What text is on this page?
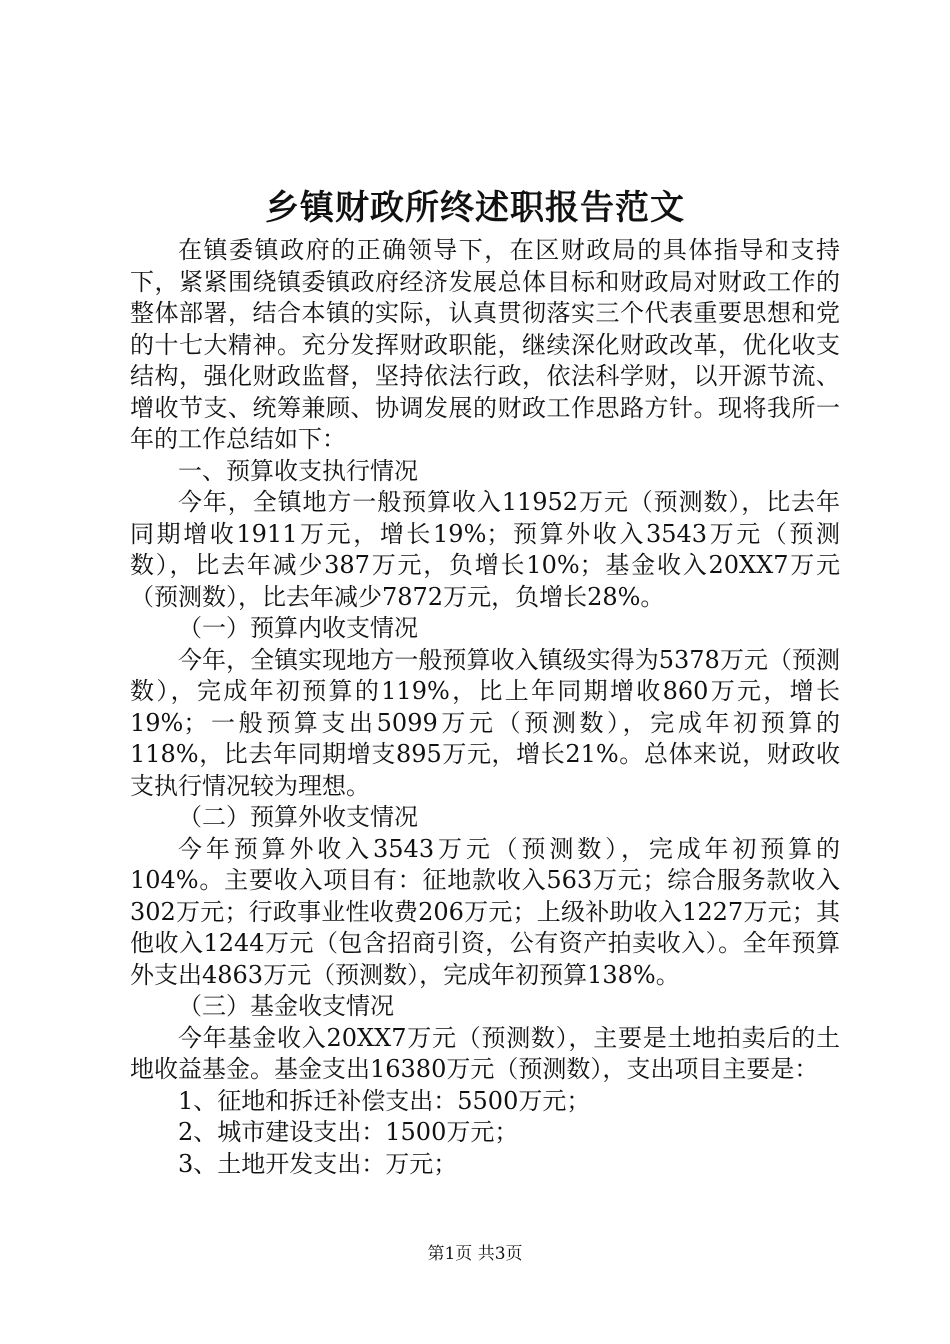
乡镇财政所终述职报告范文

在镇委镇政府的正确领导下，在区财政局的具体指导和支持下，紧紧围绕镇委镇政府经济发展总体目标和财政局对财政工作的整体部署，结合本镇的实际，认真贯彻落实三个代表重要思想和党的十七大精神。充分发挥财政职能，继续深化财政改革，优化收支结构，强化财政监督，坚持依法行政，依法科学财，以开源节流、增收节支、统筹兼顾、协调发展的财政工作思路方针。现将我所一年的工作总结如下：

一、预算收支执行情况

今年，全镇地方一般预算收入11952万元（预测数），比去年同期增收1911万元，增长19%；预算外收入3543万元（预测数），比去年减少387万元，负增长10%；基金收入20XX7万元（预测数），比去年减少7872万元，负增长28%。

（一）预算内收支情况

今年，全镇实现地方一般预算收入镇级实得为5378万元（预测数），完成年初预算的119%，比上年同期增收860万元，增长19%；一般预算支出5099万元（预测数），完成年初预算的118%，比去年同期增支895万元，增长21%。总体来说，财政收支执行情况较为理想。

（二）预算外收支情况

今年预算外收入3543万元（预测数），完成年初预算的104%。主要收入项目有：征地款收入563万元；综合服务款收入302万元；行政事业性收费206万元；上级补助收入1227万元；其他收入1244万元（包含招商引资，公有资产拍卖收入）。全年预算外支出4863万元（预测数），完成年初预算138%。

（三）基金收支情况

今年基金收入20XX7万元（预测数），主要是土地拍卖后的土地收益基金。基金支出16380万元（预测数），支出项目主要是：

1、征地和拆迁补偿支出：5500万元；

2、城市建设支出：1500万元；

3、土地开发支出：万元；

第1页 共3页
